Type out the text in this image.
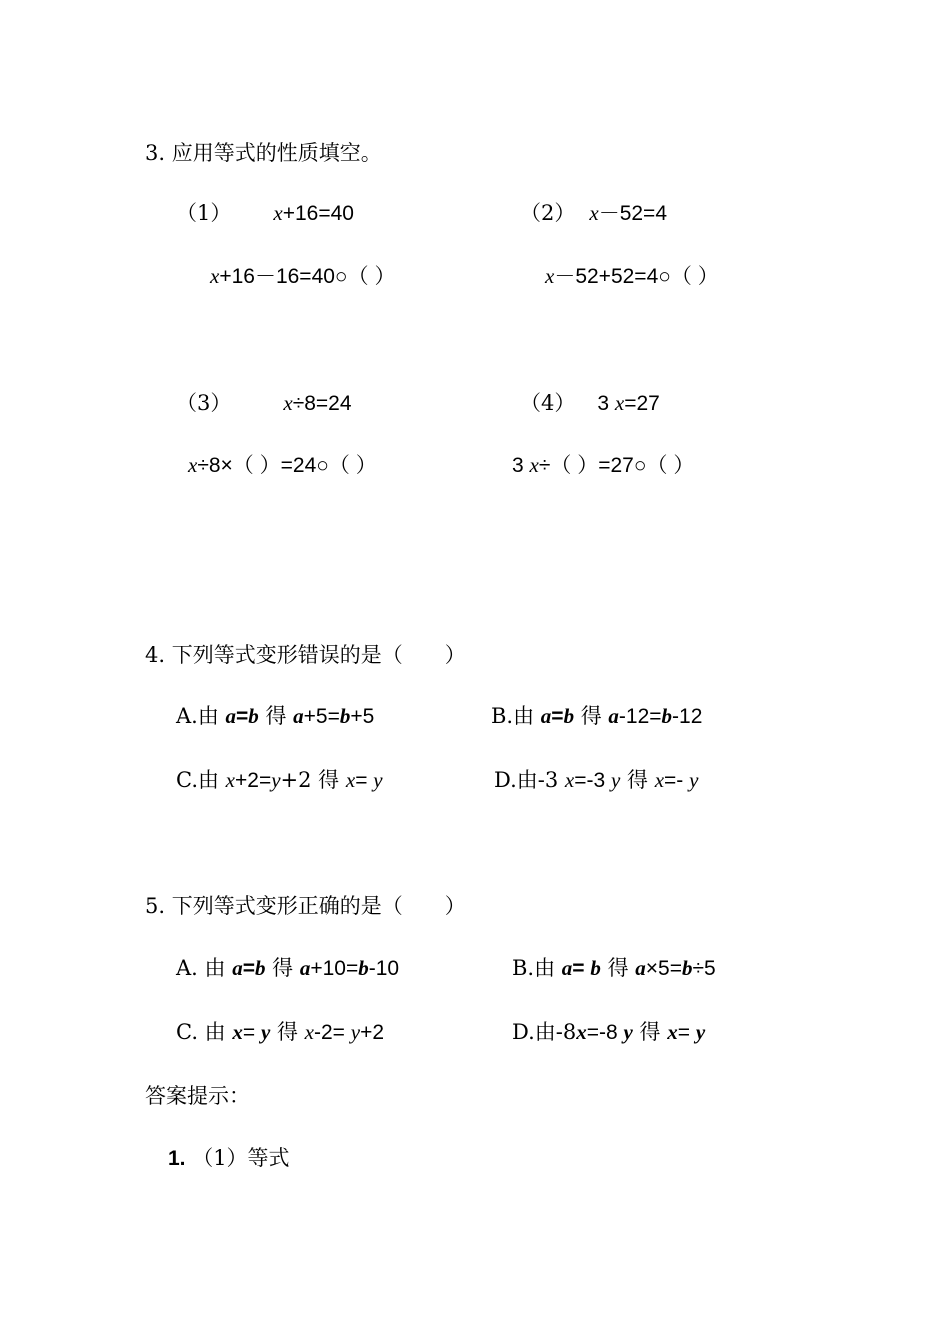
3. 应用等式的性质填空。
（1） x+16=40	（2） x－52=4
x+16－16=40○（ ）	x－52+52=4○（ ）
（3） x÷8=24	（4） 3 x=27
x÷8×（ ）=24○（ ）	3 x÷（ ）=27○（ ）
4. 下列等式变形错误的是（　　）
A.由 a=b 得 a+5=b+5	B.由 a=b 得 a-12=b-12
C.由 x+2=y+2 得 x= y	D.由-3 x=-3 y 得 x=- y
5. 下列等式变形正确的是（　　）
A. 由 a=b 得 a+10=b-10	B.由 a= b 得 a×5=b÷5
C. 由 x= y 得 x-2= y+2	D.由-8x=-8 y 得 x= y
答案提示：
1. （1）等式
